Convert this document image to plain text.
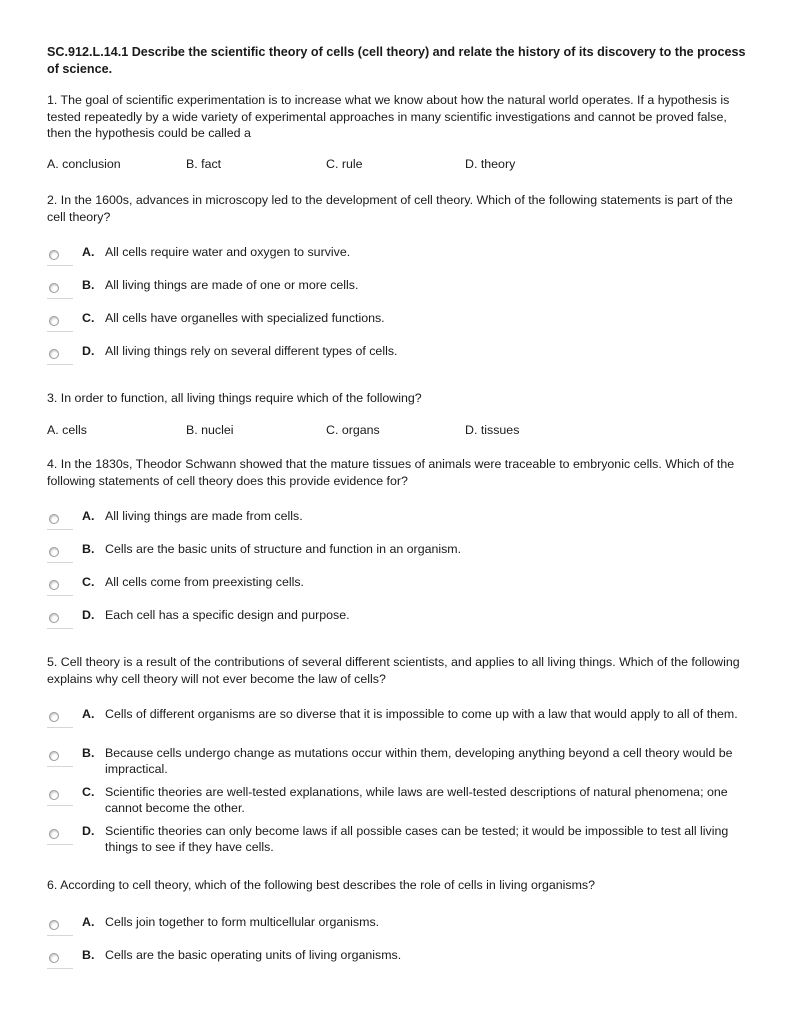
SC.912.L.14.1 Describe the scientific theory of cells (cell theory) and relate the history of its discovery to the process of science.
1. The goal of scientific experimentation is to increase what we know about how the natural world operates. If a hypothesis is tested repeatedly by a wide variety of experimental approaches in many scientific investigations and cannot be proved false, then the hypothesis could be called a
A. conclusion	B. fact	C. rule	D. theory
2. In the 1600s, advances in microscopy led to the development of cell theory. Which of the following statements is part of the cell theory?
A. All cells require water and oxygen to survive.
B. All living things are made of one or more cells.
C. All cells have organelles with specialized functions.
D. All living things rely on several different types of cells.
3. In order to function, all living things require which of the following?
A. cells	B. nuclei	C. organs	D. tissues
4. In the 1830s, Theodor Schwann showed that the mature tissues of animals were traceable to embryonic cells. Which of the following statements of cell theory does this provide evidence for?
A. All living things are made from cells.
B. Cells are the basic units of structure and function in an organism.
C. All cells come from preexisting cells.
D. Each cell has a specific design and purpose.
5. Cell theory is a result of the contributions of several different scientists, and applies to all living things. Which of the following explains why cell theory will not ever become the law of cells?
A. Cells of different organisms are so diverse that it is impossible to come up with a law that would apply to all of them.
B. Because cells undergo change as mutations occur within them, developing anything beyond a cell theory would be impractical.
C. Scientific theories are well-tested explanations, while laws are well-tested descriptions of natural phenomena; one cannot become the other.
D. Scientific theories can only become laws if all possible cases can be tested; it would be impossible to test all living things to see if they have cells.
6. According to cell theory, which of the following best describes the role of cells in living organisms?
A. Cells join together to form multicellular organisms.
B. Cells are the basic operating units of living organisms.
